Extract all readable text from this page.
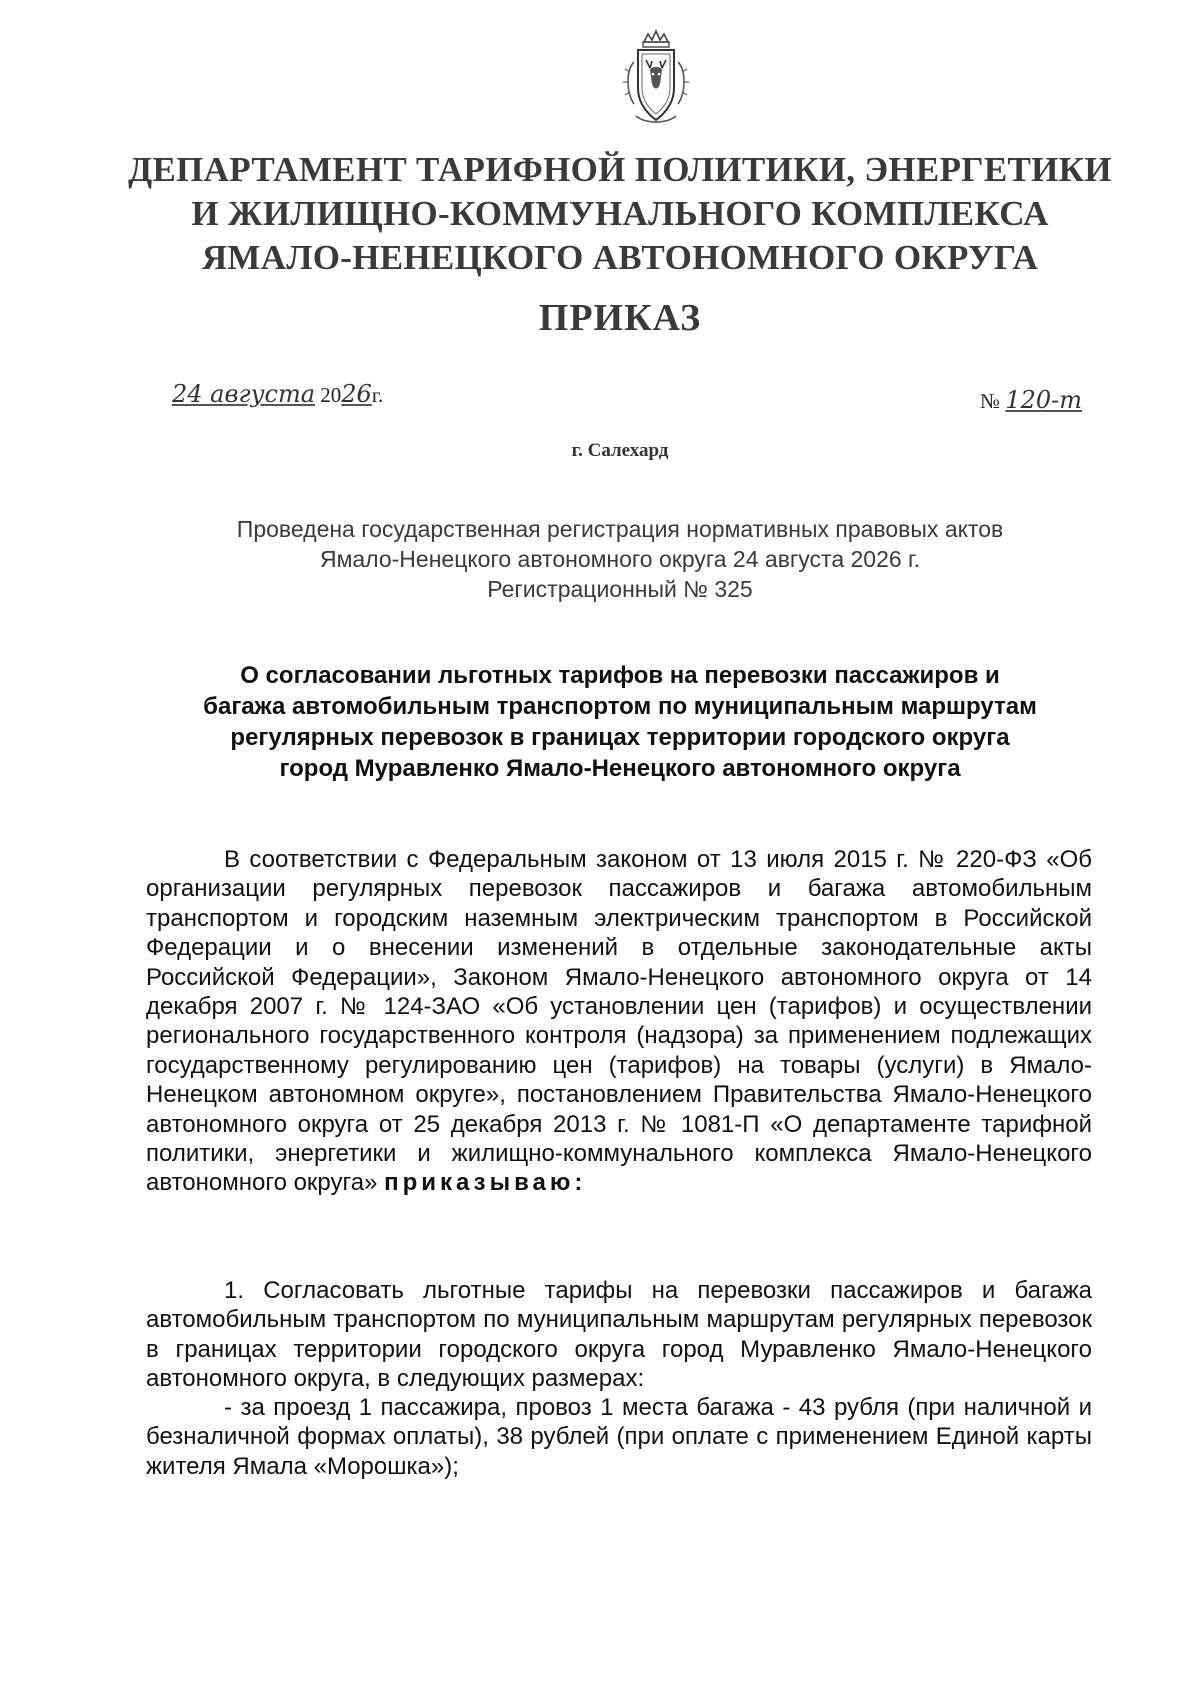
ДЕПАРТАМЕНТ ТАРИФНОЙ ПОЛИТИКИ, ЭНЕРГЕТИКИ
И ЖИЛИЩНО-КОММУНАЛЬНОГО КОМПЛЕКСА
ЯМАЛО-НЕНЕЦКОГО АВТОНОМНОГО ОКРУГА
ПРИКАЗ
24 августа 2026г.	№ 120-т
г. Салехард
Проведена государственная регистрация нормативных правовых актов
Ямало-Ненецкого автономного округа 24 августа 2026 г.
Регистрационный № 325
О согласовании льготных тарифов на перевозки пассажиров и
багажа автомобильным транспортом по муниципальным маршрутам
регулярных перевозок в границах территории городского округа
город Муравленко Ямало-Ненецкого автономного округа
В соответствии с Федеральным законом от 13 июля 2015 г. № 220-ФЗ «Об организации регулярных перевозок пассажиров и багажа автомобильным транспортом и городским наземным электрическим транспортом в Российской Федерации и о внесении изменений в отдельные законодательные акты Российской Федерации», Законом Ямало-Ненецкого автономного округа от 14 декабря 2007 г. № 124-ЗАО «Об установлении цен (тарифов) и осуществлении регионального государственного контроля (надзора) за применением подлежащих государственному регулированию цен (тарифов) на товары (услуги) в Ямало-Ненецком автономном округе», постановлением Правительства Ямало-Ненецкого автономного округа от 25 декабря 2013 г. № 1081-П «О департаменте тарифной политики, энергетики и жилищно-коммунального комплекса Ямало-Ненецкого автономного округа» приказываю:
1. Согласовать льготные тарифы на перевозки пассажиров и багажа автомобильным транспортом по муниципальным маршрутам регулярных перевозок в границах территории городского округа город Муравленко Ямало-Ненецкого автономного округа, в следующих размерах:
- за проезд 1 пассажира, провоз 1 места багажа - 43 рубля (при наличной и безналичной формах оплаты), 38 рублей (при оплате с применением Единой карты жителя Ямала «Морошка»);
